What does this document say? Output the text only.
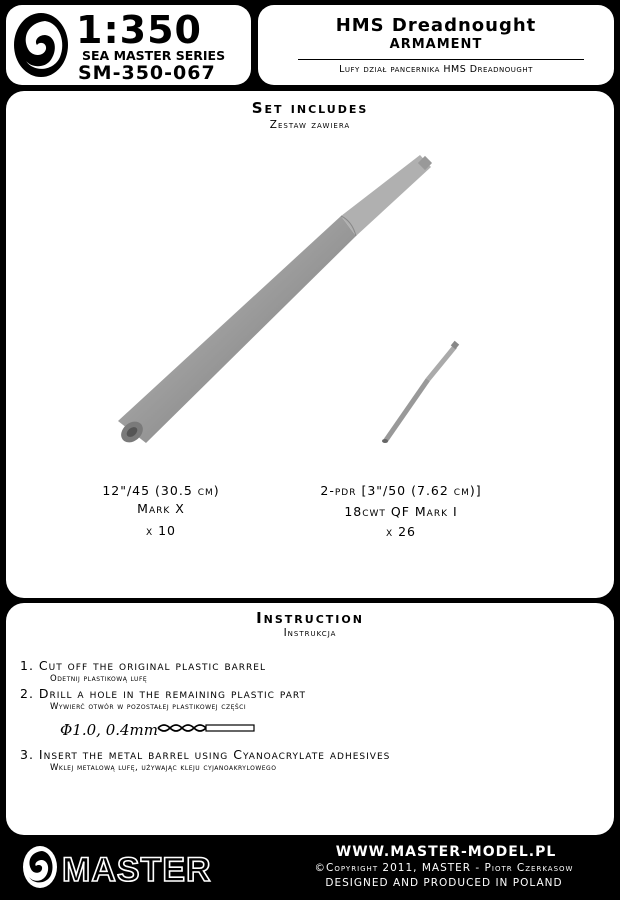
1:350
SEA MASTER SERIES
SM-350-067
HMS Dreadnought
ARMAMENT
Lufy dział pancernika HMS Dreadnought
Set includes
Zestaw zawiera
12"/45 (30.5 cm)
Mark X
x 10
2-pdr [3"/50 (7.62 cm)]
18cwt QF Mark I
x 26
Instruction
Instrukcja
1. Cut off the original plastic barrel
Odetnij plastikową lufę
2. Drill a hole in the remaining plastic part
Wywierć otwór w pozostałej plastikowej części
Φ1.0, 0.4mm
3. Insert the metal barrel using Cyanoacrylate adhesives
Wklej metalową lufę, używając kleju cyjanoakrylowego
MASTER	WWW.MASTER-MODEL.PL
©Copyright 2011, MASTER - Piotr Czerkasow
DESIGNED AND PRODUCED IN POLAND
